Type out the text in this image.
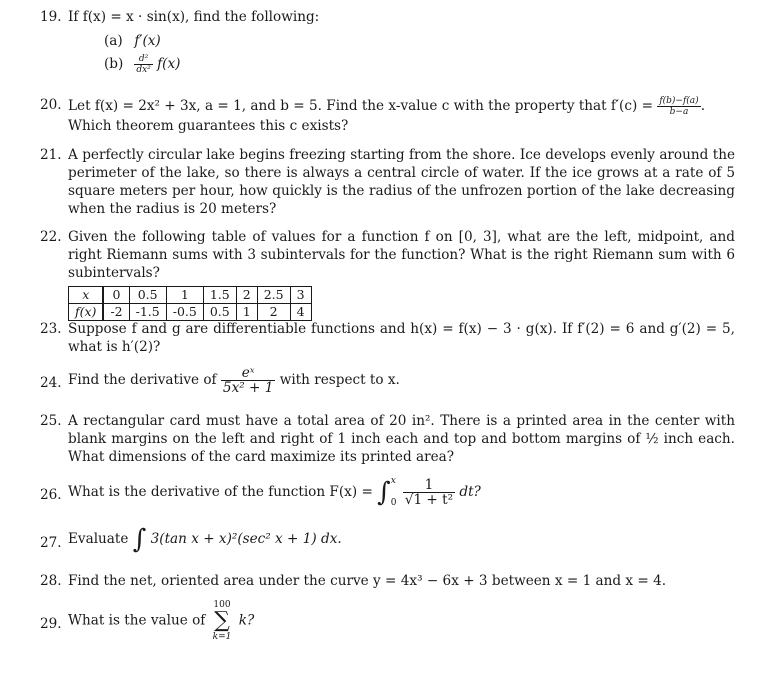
19. If f(x) = x · sin(x), find the following:
(a) f′(x)
$(b) \frac{\text{d²}}{\text{dx²}} f(x)$
20. Let f(x) = 2x² + 3x, a = 1, and b = 5. Find the x-value c with the property that $f'(c) = \frac{f(b)-f(a)}{b-a}$ .
Which theorem guarantees this c exists?
21. A perfectly circular lake begins freezing starting from the shore. Ice develops evenly around the perimeter of the lake, so there is always a central circle of water. If the ice grows at a rate of 5 square meters per hour, how quickly is the radius of the unfrozen portion of the lake decreasing when the radius is 20 meters?
22. Given the following table of values for a function f on [0, 3], what are the left, midpoint, and right Riemann sums with 3 subintervals for the function? What is the right Riemann sum with 6 subintervals?
x	0	0.5	1	1.5	2	2.5	3
f(x)	-2	-1.5	-0.5	0.5	1	2	4
23. Suppose f and g are differentiable functions and h(x) = f(x) − 3 · g(x). If f′(2) = 6 and g′(2) = 5, what is h′(2)?
24. Find the derivative of $\frac{\text{eˣ}}{\text{5x² + 1}}$ with respect to x.
25. A rectangular card must have a total area of 20 in². There is a printed area in the center with blank margins on the left and right of 1 inch each and top and bottom margins of ½ inch each. What dimensions of the card maximize its printed area?
26. What is the derivative of the function F(x) = ∫x

$0 \frac{1}{\text{√1 + t²}}$ dt?
27. Evaluate ∫ 3(tan x + x)²(sec² x + 1) dx.
28. Find the net, oriented area under the curve y = 4x³ − 6x + 3 between x = 1 and x = 4.
29. What is the value of 100
∑
k=1 k?
